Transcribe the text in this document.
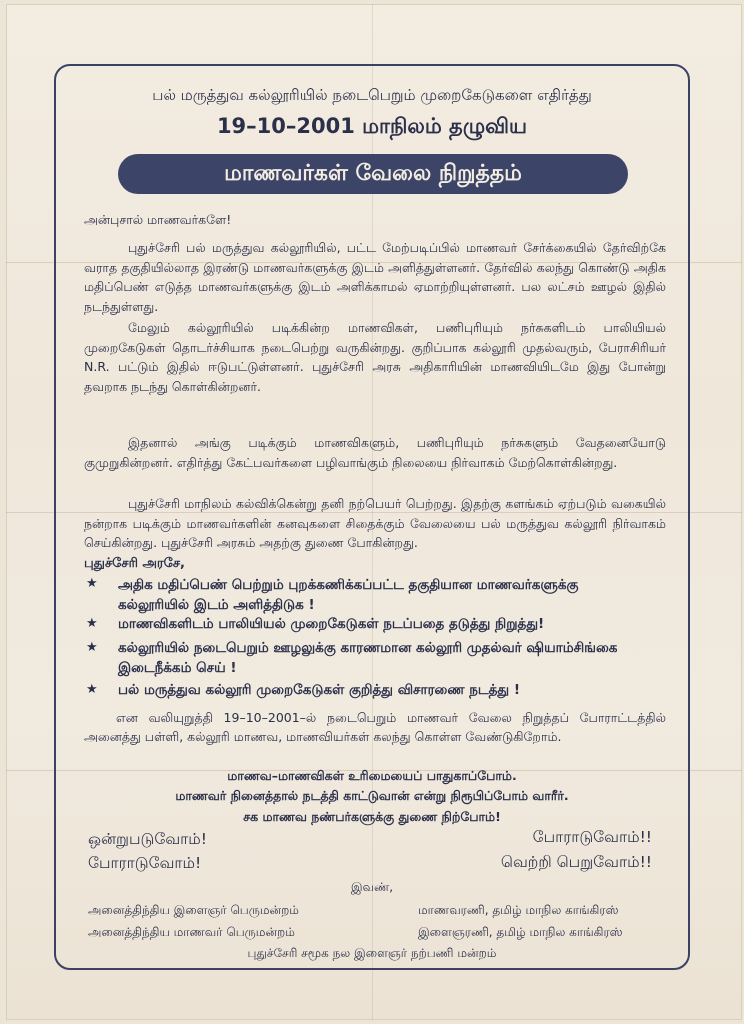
பல் மருத்துவ கல்லூரியில் நடைபெறும் முறைகேடுகளை எதிர்த்து
19–10–2001 மாநிலம் தழுவிய
மாணவர்கள் வேலை நிறுத்தம்
அன்புசால் மாணவர்களே!
புதுச்சேரி பல் மருத்துவ கல்லூரியில், பட்ட மேற்படிப்பில் மாணவர் சேர்க்கையில் தேர்விற்கே வராத தகுதியில்லாத இரண்டு மாணவர்களுக்கு இடம் அளித்துள்ளனர். தேர்வில் கலந்து கொண்டு அதிக மதிப்பெண் எடுத்த மாணவர்களுக்கு இடம் அளிக்காமல் ஏமாற்றியுள்ளனர். பல லட்சம் ஊழல் இதில் நடந்துள்ளது.
மேலும் கல்லூரியில் படிக்கின்ற மாணவிகள், பணிபுரியும் நர்சுகளிடம் பாலியியல் முறைகேடுகள் தொடர்ச்சியாக நடைபெற்று வருகின்றது. குறிப்பாக கல்லூரி முதல்வரும், பேராசிரியர் N.R. பட்டும் இதில் ஈடுபட்டுள்ளனர். புதுச்சேரி அரசு அதிகாரியின் மாணவியிடமே இது போன்று தவறாக நடந்து கொள்கின்றனர்.
இதனால் அங்கு படிக்கும் மாணவிகளும், பணிபுரியும் நர்சுகளும் வேதனையோடு குமுறுகின்றனர். எதிர்த்து கேட்பவர்களை பழிவாங்கும் நிலையை நிர்வாகம் மேற்கொள்கின்றது.
புதுச்சேரி மாநிலம் கல்விக்கென்று தனி நற்பெயர் பெற்றது. இதற்கு களங்கம் ஏற்படும் வகையில் நன்றாக படிக்கும் மாணவர்களின் கனவுகளை சிதைக்கும் வேலையை பல் மருத்துவ கல்லூரி நிர்வாகம் செய்கின்றது. புதுச்சேரி அரசும் அதற்கு துணை போகின்றது.
புதுச்சேரி அரசே,
★ அதிக மதிப்பெண் பெற்றும் புறக்கணிக்கப்பட்ட தகுதியான மாணவர்களுக்கு கல்லூரியில் இடம் அளித்திடுக !
★ மாணவிகளிடம் பாலியியல் முறைகேடுகள் நடப்பதை தடுத்து நிறுத்து!
★ கல்லூரியில் நடைபெறும் ஊழலுக்கு காரணமான கல்லூரி முதல்வர் ஷியாம்சிங்கை இடைநீக்கம் செய் !
★ பல் மருத்துவ கல்லூரி முறைகேடுகள் குறித்து விசாரணை நடத்து !
என வலியுறுத்தி 19–10–2001–ல் நடைபெறும் மாணவர் வேலை நிறுத்தப் போராட்டத்தில் அனைத்து பள்ளி, கல்லூரி மாணவ, மாணவியர்கள் கலந்து கொள்ள வேண்டுகிறோம்.
மாணவ–மாணவிகள் உரிமையைப் பாதுகாப்போம்.
மாணவர் நினைத்தால் நடத்தி காட்டுவான் என்று நிரூபிப்போம் வாரீர்.
சக மாணவ நண்பர்களுக்கு துணை நிற்போம்!
ஒன்றுபடுவோம்!	போராடுவோம்!!
போராடுவோம்!	வெற்றி பெறுவோம்!!
இவண்,
அனைத்திந்திய இளைஞர் பெருமன்றம்	மாணவரணி, தமிழ் மாநில காங்கிரஸ்
அனைத்திந்திய மாணவர் பெருமன்றம்	இளைஞரணி, தமிழ் மாநில காங்கிரஸ்
புதுச்சேரி சமூக நல இளைஞர் நற்பணி மன்றம்
